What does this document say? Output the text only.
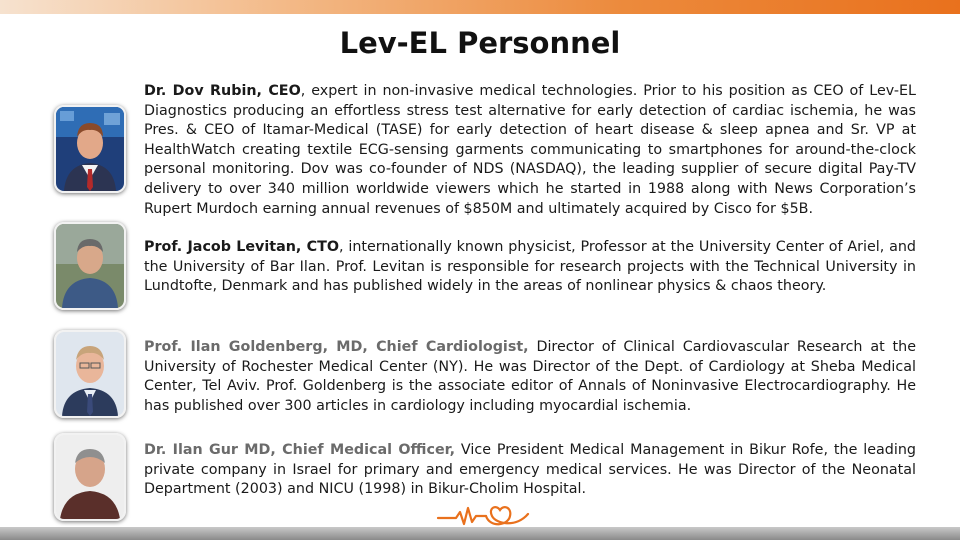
Lev-EL Personnel
Dr. Dov Rubin, CEO, expert in non-invasive medical technologies. Prior to his position as CEO of Lev-EL Diagnostics producing an effortless stress test alternative for early detection of cardiac ischemia, he was Pres. & CEO of Itamar-Medical (TASE) for early detection of heart disease & sleep apnea and Sr. VP at HealthWatch creating textile ECG-sensing garments communicating to smartphones for around-the-clock personal monitoring. Dov was co-founder of NDS (NASDAQ), the leading supplier of secure digital Pay-TV delivery to over 340 million worldwide viewers which he started in 1988 along with News Corporation’s Rupert Murdoch earning annual revenues of $850M and ultimately acquired by Cisco for $5B.
Prof. Jacob Levitan, CTO, internationally known physicist, Professor at the University Center of Ariel, and the University of Bar Ilan. Prof. Levitan is responsible for research projects with the Technical University in Lundtofte, Denmark and has published widely in the areas of nonlinear physics & chaos theory.
Prof. Ilan Goldenberg, MD, Chief Cardiologist, Director of Clinical Cardiovascular Research at the University of Rochester Medical Center (NY). He was Director of the Dept. of Cardiology at Sheba Medical Center, Tel Aviv. Prof. Goldenberg is the associate editor of Annals of Noninvasive Electrocardiography. He has published over 300 articles in cardiology including myocardial ischemia.
Dr. Ilan Gur MD, Chief Medical Officer, Vice President Medical Management in Bikur Rofe, the leading private company in Israel for primary and emergency medical services. He was Director of the Neonatal Department (2003) and NICU (1998) in Bikur-Cholim Hospital.
